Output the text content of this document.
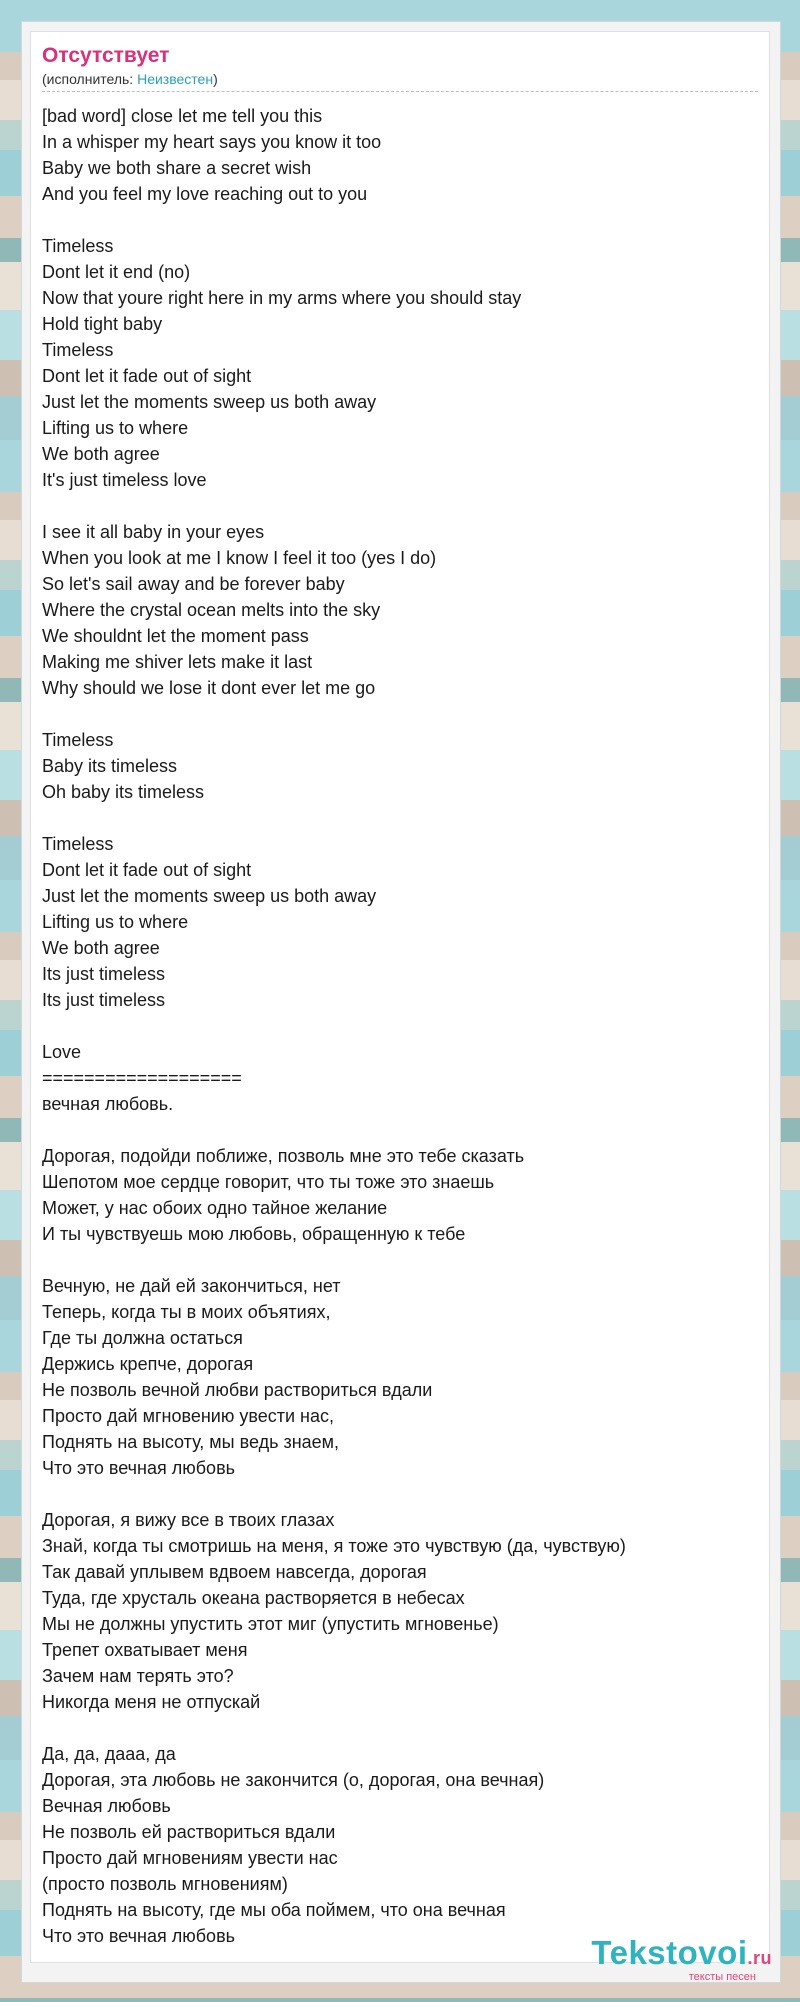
Отсутствует
(исполнитель: Неизвестен)
[bad word] close let me tell you this
In a whisper my heart says you know it too
Baby we both share a secret wish
And you feel my love reaching out to you
Timeless
Dont let it end (no)
Now that youre right here in my arms where you should stay
Hold tight baby
Timeless
Dont let it fade out of sight
Just let the moments sweep us both away
Lifting us to where
We both agree
It's just timeless love
I see it all baby in your eyes
When you look at me I know I feel it too (yes I do)
So let's sail away and be forever baby
Where the crystal ocean melts into the sky
We shouldnt let the moment pass
Making me shiver lets make it last
Why should we lose it dont ever let me go
Timeless
Baby its timeless
Oh baby its timeless
Timeless
Dont let it fade out of sight
Just let the moments sweep us both away
Lifting us to where
We both agree
Its just timeless
Its just timeless
Love
===================
вечная любовь.
Дорогая, подойди поближе, позволь мне это тебе сказать
Шепотом мое сердце говорит, что ты тоже это знаешь
Может, у нас обоих одно тайное желание
И ты чувствуешь мою любовь, обращенную к тебе
Вечную, не дай ей закончиться, нет
Теперь, когда ты в моих объятиях,
Где ты должна остаться
Держись крепче, дорогая
Не позволь вечной любви раствориться вдали
Просто дай мгновению увести нас,
Поднять на высоту, мы ведь знаем,
Что это вечная любовь
Дорогая, я вижу все в твоих глазах
Знай, когда ты смотришь на меня, я тоже это чувствую (да, чувствую)
Так давай уплывем вдвоем навсегда, дорогая
Туда, где хрусталь океана растворяется в небесах
Мы не должны упустить этот миг (упустить мгновенье)
Трепет охватывает меня
Зачем нам терять это?
Никогда меня не отпускай
Да, да, дааа, да
Дорогая, эта любовь не закончится (о, дорогая, она вечная)
Вечная любовь
Не позволь ей раствориться вдали
Просто дай мгновениям увести нас
(просто позволь мгновениям)
Поднять на высоту, где мы оба поймем, что она вечная
Что это вечная любовь	Tekstovoi.ru
тексты песен
